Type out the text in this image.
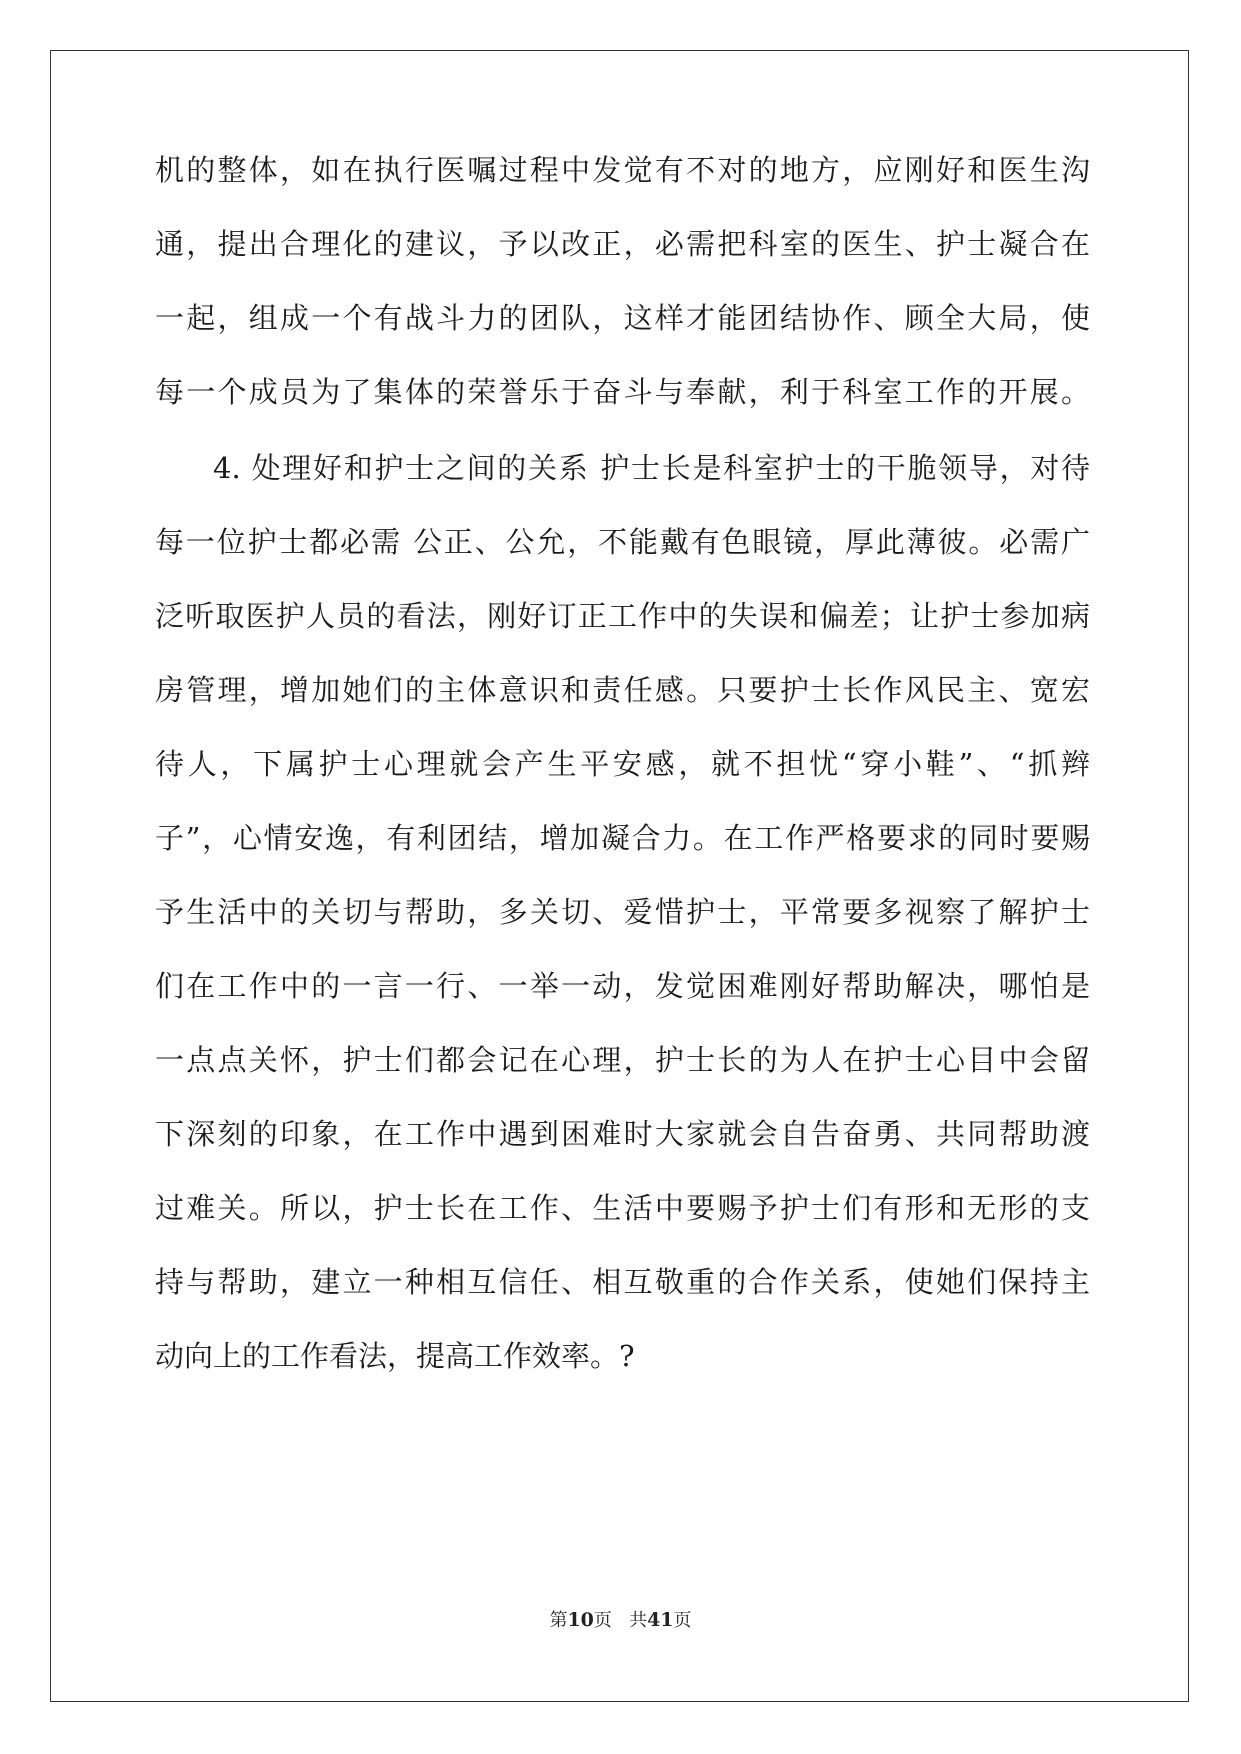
机的整体，如在执行医嘱过程中发觉有不对的地方，应刚好和医生沟
通，提出合理化的建议，予以改正，必需把科室的医生、护士凝合在
一起，组成一个有战斗力的团队，这样才能团结协作、顾全大局，使
每一个成员为了集体的荣誉乐于奋斗与奉献，利于科室工作的开展。
4. 处理好和护士之间的关系 护士长是科室护士的干脆领导，对待
每一位护士都必需 公正、公允，不能戴有色眼镜，厚此薄彼。必需广
泛听取医护人员的看法，刚好订正工作中的失误和偏差；让护士参加病
房管理，增加她们的主体意识和责任感。只要护士长作风民主、宽宏
待人，下属护士心理就会产生平安感，就不担忧“穿小鞋”、“抓辫
子”，心情安逸，有利团结，增加凝合力。在工作严格要求的同时要赐
予生活中的关切与帮助，多关切、爱惜护士，平常要多视察了解护士
们在工作中的一言一行、一举一动，发觉困难刚好帮助解决，哪怕是
一点点关怀，护士们都会记在心理，护士长的为人在护士心目中会留
下深刻的印象，在工作中遇到困难时大家就会自告奋勇、共同帮助渡
过难关。所以，护士长在工作、生活中要赐予护士们有形和无形的支
持与帮助，建立一种相互信任、相互敬重的合作关系，使她们保持主
动向上的工作看法，提高工作效率。?
第10页 共41页
